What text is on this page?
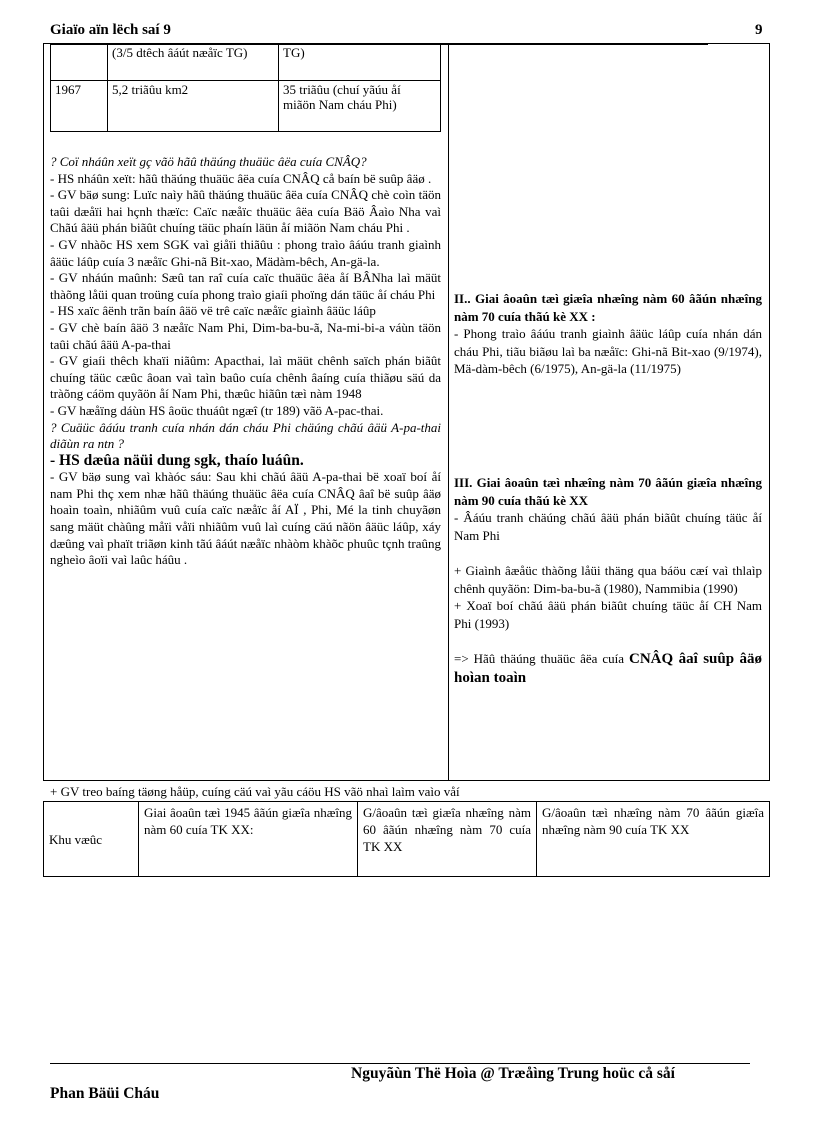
Giaïo aïn lëch saí 9	9
	(3/5 dtêch âáút næåïc TG)	TG)
1967	5,2 triãûu km2	35 triãûu (chuí yãúu åí miãön Nam cháu Phi)

? Coï nháûn xeït gç vãö hãû thäúng thuäüc âëa cuía CNÂQ?

- HS nháûn xeït: hãû thäúng thuäüc âëa cuía CNÂQ cå baín bë suûp âäø .

- GV bäø sung: Luïc naìy hãû thäúng thuäüc âëa cuía CNÂQ chè coìn täön taûi dæåïi hai hçnh thæïc: Caïc næåïc thuäüc âëa cuía Bäö Âaìo Nha vaì Chãú âäü phán biãût chuíng täüc phaín läün åí miãön Nam cháu Phi .

- GV nhàõc HS xem SGK vaì giåïi thiãûu : phong traìo âáúu tranh giaình âäüc láûp cuía 3 næåïc Ghi-nã Bit-xao, Mädàm-bêch, An-gä-la.

- GV nháún maûnh: Sæû tan raî cuía caïc thuäüc âëa åí BÂNha laì mäüt thàõng låüi quan troüng cuía phong traìo giaíi phoïng dán täüc åí cháu Phi

- HS xaïc âënh trãn baín âäö vë trê caïc næåïc giaình âäüc láûp

- GV chè baín âäö 3 næåïc Nam Phi, Dim-ba-bu-ã, Na-mi-bi-a váùn täön taûi chãú âäü A-pa-thai

- GV giaíi thêch khaïi niãûm: Apacthai, laì mäüt chênh saïch phán biãût chuíng täüc cæûc âoan vaì taìn baûo cuía chênh âaíng cuía thiãøu säú da tràõng cáöm quyãön åí Nam Phi, thæûc hiãûn tæì nàm 1948

- GV hæåïng dáùn HS âoüc thuáût ngæî (tr 189) vãö A-pac-thai.

? Cuäüc âáúu tranh cuía nhán dán cháu Phi chäúng chãú âäü A-pa-thai diãùn ra ntn ?

- HS dæûa näüi dung sgk, thaío luáûn.

- GV bäø sung vaì khàóc sáu: Sau khi chãú âäü A-pa-thai bë xoaï boí åí nam Phi thç xem nhæ hãû thäúng thuäüc âëa cuía CNÂQ âaî bë suûp âäø hoaìn toaìn, nhiãûm vuû cuía caïc næåïc åí AÏ , Phi, Mé la tinh chuyãøn sang mäüt chàûng måïi våïi nhiãûm vuû laì cuíng cäú nãön âäüc láûp, xáy dæûng vaì phaït triãøn kinh tãú âáút næåïc nhàòm khàõc phuûc tçnh traûng ngheìo âoïi vaì laûc háûu .

II.. Giai âoaûn tæì giæîa nhæîng nàm 60 âãún nhæîng nàm 70 cuía thãú kè XX :

- Phong traìo âáúu tranh giaình âäüc láûp cuía nhán dán cháu Phi, tiãu biãøu laì ba næåïc: Ghi-nã Bit-xao (9/1974), Mä-dàm-bêch (6/1975), An-gä-la (11/1975)

III. Giai âoaûn tæì nhæîng nàm 70 âãún giæîa nhæîng nàm 90 cuía thãú kè XX

- Âáúu tranh chäúng chãú âäü phán biãût chuíng täüc åí Nam Phi

+ Giaình âæåüc thàõng låüi thäng qua báöu cæí vaì thlaìp chênh quyãön: Dim-ba-bu-ã (1980), Nammibia (1990)

+ Xoaï boí chãú âäü phán biãût chuíng täüc åí CH Nam Phi (1993)

=> Hãû thäúng thuäüc âëa cuía CNÂQ âaî suûp âäø hoìan toaìn

+ GV treo baíng täøng håüp, cuíng cäú vaì yãu cáöu HS vãö nhaì laìm vaìo våí
Khu væûc	Giai âoaûn tæì 1945 âãún giæîa nhæîng nàm 60 cuía TK XX:	G/âoaûn tæì giæîa nhæîng nàm 60 âãún nhæîng nàm 70 cuía TK XX	G/âoaûn tæì nhæîng nàm 70 âãún giæîa nhæîng nàm 90 cuía TK XX
Nguyãùn Thë Hoìa @ Træåìng Trung hoüc cå såí
Phan Bäüi Cháu
